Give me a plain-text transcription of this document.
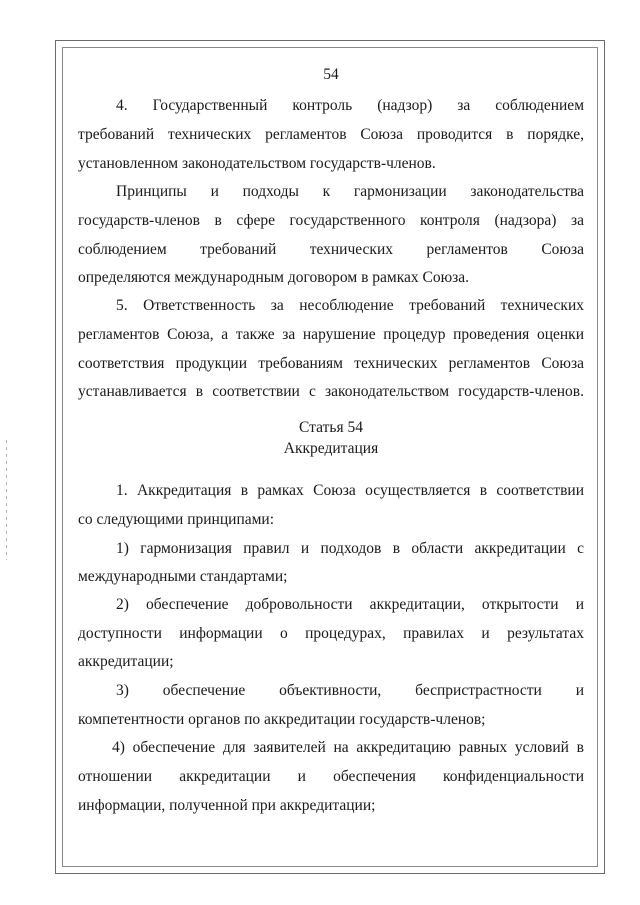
54
4. Государственный контроль (надзор) за соблюдением
требований технических регламентов Союза проводится в порядке,
установленном законодательством государств-членов.
Принципы и подходы к гармонизации законодательства
государств-членов в сфере государственного контроля (надзора) за
соблюдением требований технических регламентов Союза
определяются международным договором в рамках Союза.
5. Ответственность за несоблюдение требований технических
регламентов Союза, а также за нарушение процедур проведения оценки
соответствия продукции требованиям технических регламентов Союза
устанавливается в соответствии с законодательством государств-членов.
Статья 54
Аккредитация
1. Аккредитация в рамках Союза осуществляется в соответствии
со следующими принципами:
1) гармонизация правил и подходов в области аккредитации с
международными стандартами;
2) обеспечение добровольности аккредитации, открытости и
доступности информации о процедурах, правилах и результатах
аккредитации;
3) обеспечение объективности, беспристрастности и
компетентности органов по аккредитации государств-членов;
4) обеспечение для заявителей на аккредитацию равных условий в
отношении аккредитации и обеспечения конфиденциальности
информации, полученной при аккредитации;
